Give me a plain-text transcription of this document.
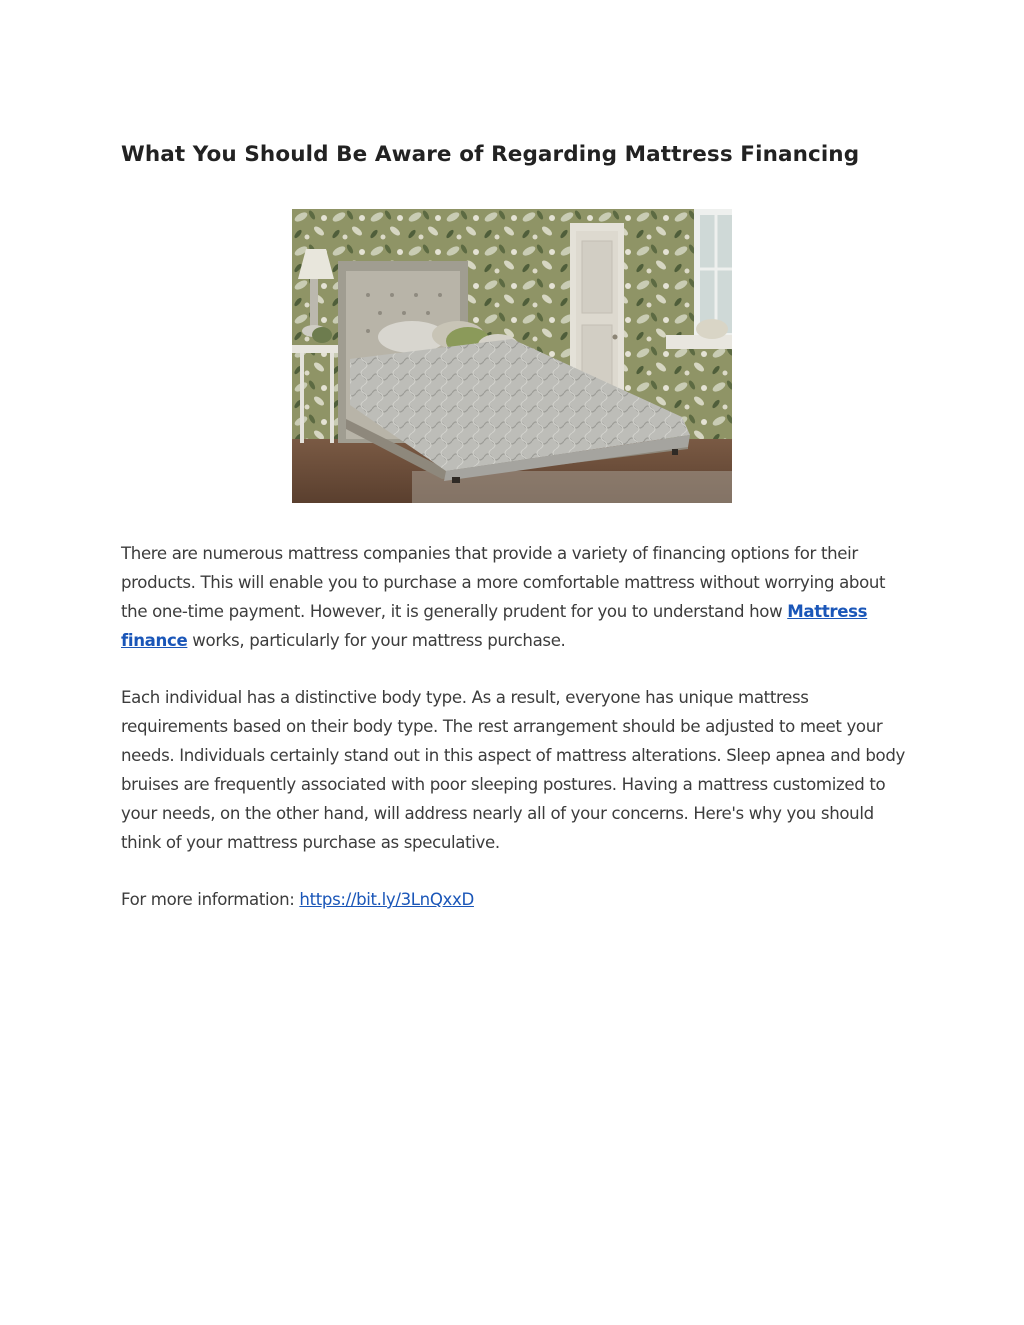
What You Should Be Aware of Regarding Mattress Financing

There are numerous mattress companies that provide a variety of financing options for their products. This will enable you to purchase a more comfortable mattress without worrying about the one-time payment. However, it is generally prudent for you to understand how Mattress finance works, particularly for your mattress purchase.

Each individual has a distinctive body type. As a result, everyone has unique mattress requirements based on their body type. The rest arrangement should be adjusted to meet your needs. Individuals certainly stand out in this aspect of mattress alterations. Sleep apnea and body bruises are frequently associated with poor sleeping postures. Having a mattress customized to your needs, on the other hand, will address nearly all of your concerns. Here's why you should think of your mattress purchase as speculative.

For more information: https://bit.ly/3LnQxxD
